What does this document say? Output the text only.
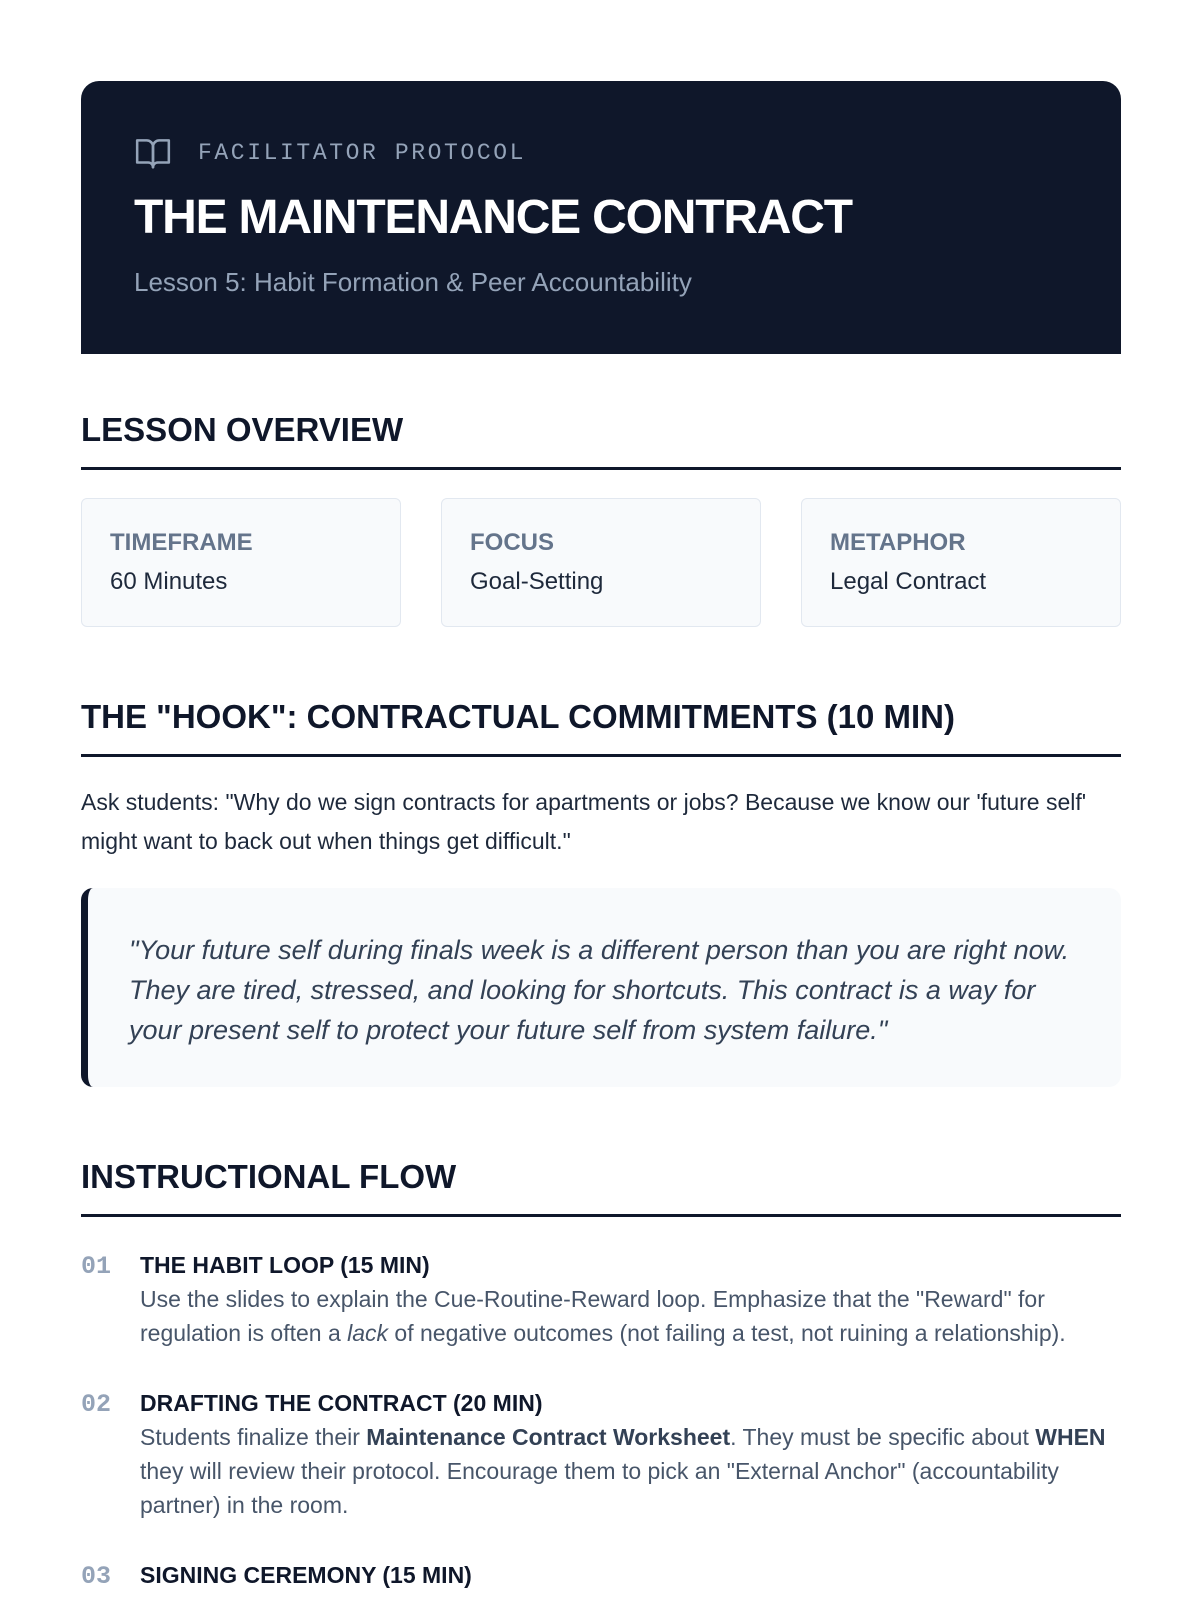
FACILITATOR PROTOCOL
THE MAINTENANCE CONTRACT
Lesson 5: Habit Formation & Peer Accountability
LESSON OVERVIEW
TIMEFRAME
60 Minutes
FOCUS
Goal-Setting
METAPHOR
Legal Contract
THE "HOOK": CONTRACTUAL COMMITMENTS (10 MIN)

Ask students: "Why do we sign contracts for apartments or jobs? Because we know our 'future self' might want to back out when things get difficult."

"Your future self during finals week is a different person than you are right now. They are tired, stressed, and looking for shortcuts. This contract is a way for your present self to protect your future self from system failure."

INSTRUCTIONAL FLOW
01 THE HABIT LOOP (15 MIN)
Use the slides to explain the Cue-Routine-Reward loop. Emphasize that the "Reward" for regulation is often a lack of negative outcomes (not failing a test, not ruining a relationship).
02 DRAFTING THE CONTRACT (20 MIN)
Students finalize their Maintenance Contract Worksheet. They must be specific about WHEN they will review their protocol. Encourage them to pick an "External Anchor" (accountability partner) in the room.
03 SIGNING CEREMONY (15 MIN)
